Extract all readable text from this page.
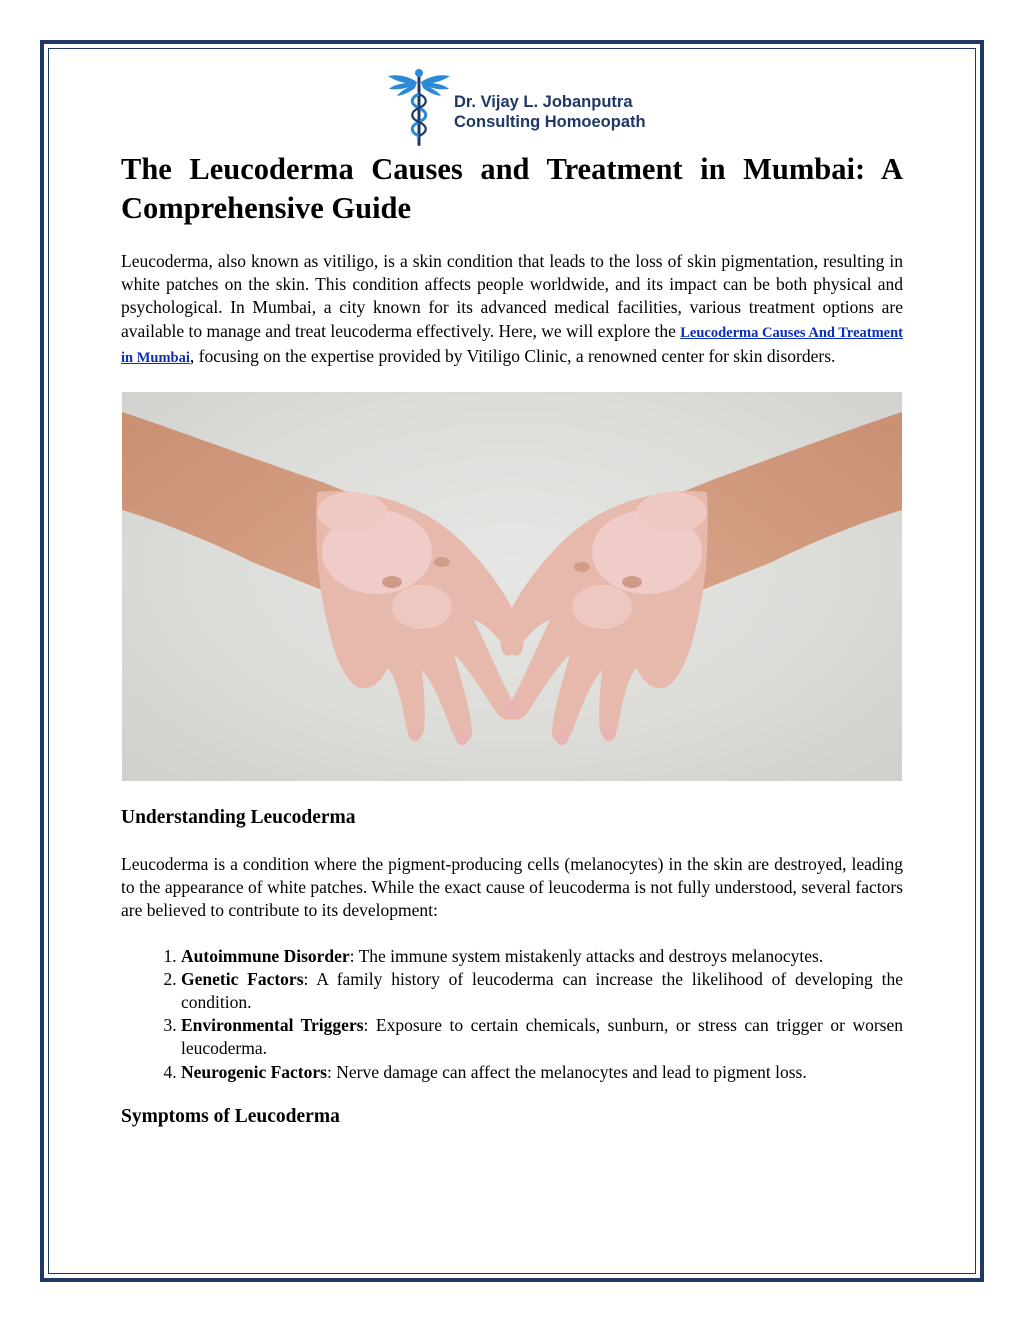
Dr. Vijay L. Jobanputra
Consulting Homoeopath
The Leucoderma Causes and Treatment in Mumbai: A Comprehensive Guide

Leucoderma, also known as vitiligo, is a skin condition that leads to the loss of skin pigmentation, resulting in white patches on the skin. This condition affects people worldwide, and its impact can be both physical and psychological. In Mumbai, a city known for its advanced medical facilities, various treatment options are available to manage and treat leucoderma effectively. Here, we will explore the Leucoderma Causes And Treatment in Mumbai, focusing on the expertise provided by Vitiligo Clinic, a renowned center for skin disorders.

Understanding Leucoderma

Leucoderma is a condition where the pigment-producing cells (melanocytes) in the skin are destroyed, leading to the appearance of white patches. While the exact cause of leucoderma is not fully understood, several factors are believed to contribute to its development:

1. Autoimmune Disorder: The immune system mistakenly attacks and destroys melanocytes.
2. Genetic Factors: A family history of leucoderma can increase the likelihood of developing the condition.
3. Environmental Triggers: Exposure to certain chemicals, sunburn, or stress can trigger or worsen leucoderma.
4. Neurogenic Factors: Nerve damage can affect the melanocytes and lead to pigment loss.
Symptoms of Leucoderma
